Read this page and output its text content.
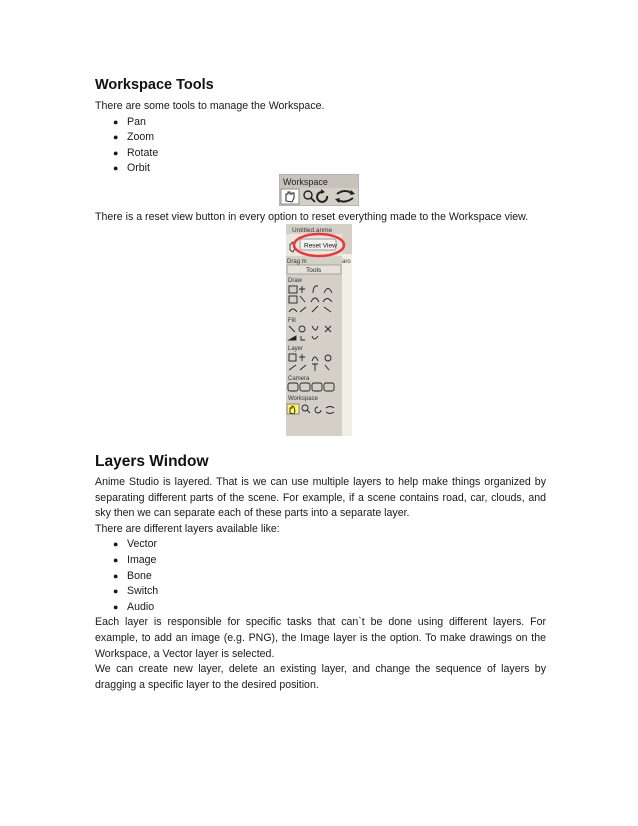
Workspace Tools

There are some tools to manage the Workspace.

● Pan
● Zoom
● Rotate
● Orbit
Workspace

There is a reset view button in every option to reset everything made to the Workspace view.

Untitled.anme
Reset View
Drag m	aro
Tools
Draw
Fill
Layer
Camera
Workspace
Layers Window

Anime Studio is layered. That is we can use multiple layers to help make things organized by separating different parts of the scene. For example, if a scene contains road, car, clouds, and sky then we can separate each of these parts into a separate layer.

There are different layers available like:

● Vector
● Image
● Bone
● Switch
● Audio

Each layer is responsible for specific tasks that can`t be done using different layers. For example, to add an image (e.g. PNG), the Image layer is the option. To make drawings on the Workspace, a Vector layer is selected.

We can create new layer, delete an existing layer, and change the sequence of layers by dragging a specific layer to the desired position.
